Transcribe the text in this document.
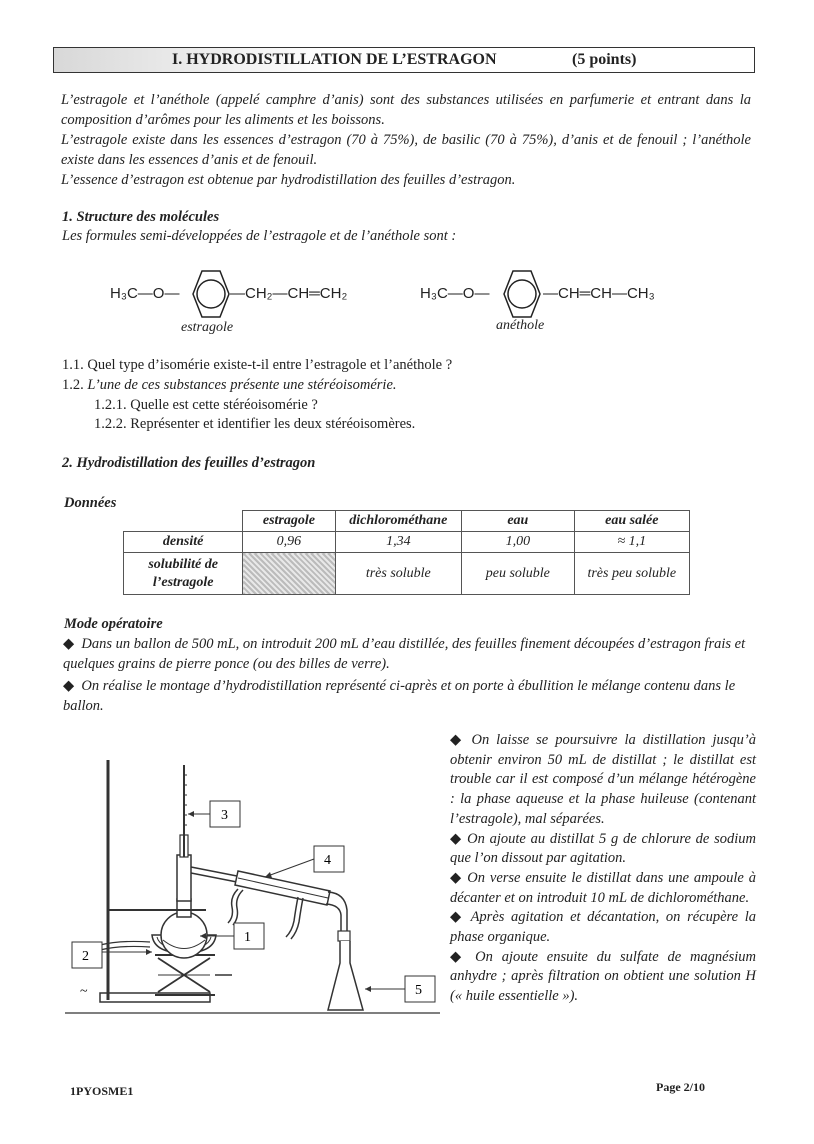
I. HYDRODISTILLATION DE L’ESTRAGON	(5 points)

L’estragole et l’anéthole (appelé camphre d’anis) sont des substances utilisées en parfumerie et entrant dans la composition d’arômes pour les aliments et les boissons.

L’estragole existe dans les essences d’estragon (70 à 75%), de basilic (70 à 75%), d’anis et de fenouil ; l’anéthole existe dans les essences d’anis et de fenouil.

L’essence d’estragon est obtenue par hydrodistillation des feuilles d’estragon.

1. Structure des molécules
Les formules semi-développées de l’estragole et de l’anéthole sont :
H₃C—O—	—CH₂—CH═CH₂
estragole
H₃C—O—	—CH═CH—CH₃
anéthole
1.1. Quel type d’isomérie existe-t-il entre l’estragole et l’anéthole ?
1.2. L’une de ces substances présente une stéréoisomérie.
1.2.1. Quelle est cette stéréoisomérie ?
1.2.2. Représenter et identifier les deux stéréoisomères.
2. Hydrodistillation des feuilles d’estragon
Données
	estragole	dichlorométhane	eau	eau salée
densité	0,96	1,34	1,00	≈ 1,1
solubilité de
l’estragole		très soluble	peu soluble	très peu soluble
Mode opératoire
◆ Dans un ballon de 500 mL, on introduit 200 mL d’eau distillée, des feuilles finement découpées d’estragon frais et quelques grains de pierre ponce (ou des billes de verre).
◆ On réalise le montage d’hydrodistillation représenté ci-après et on porte à ébullition le mélange contenu dans le ballon.
~
3
4
1
2
5

◆ On laisse se poursuivre la distillation jusqu’à obtenir environ 50 mL de distillat ; le distillat est trouble car il est composé d’un mélange hétérogène : la phase aqueuse et la phase huileuse (contenant l’estragole), mal séparées.

◆ On ajoute au distillat 5 g de chlorure de sodium que l’on dissout par agitation.

◆ On verse ensuite le distillat dans une ampoule à décanter et on introduit 10 mL de dichlorométhane.

◆ Après agitation et décantation, on récupère la phase organique.

◆ On ajoute ensuite du sulfate de magnésium anhydre ; après filtration on obtient une solution H (« huile essentielle »).

1PYOSME1	Page 2/10
